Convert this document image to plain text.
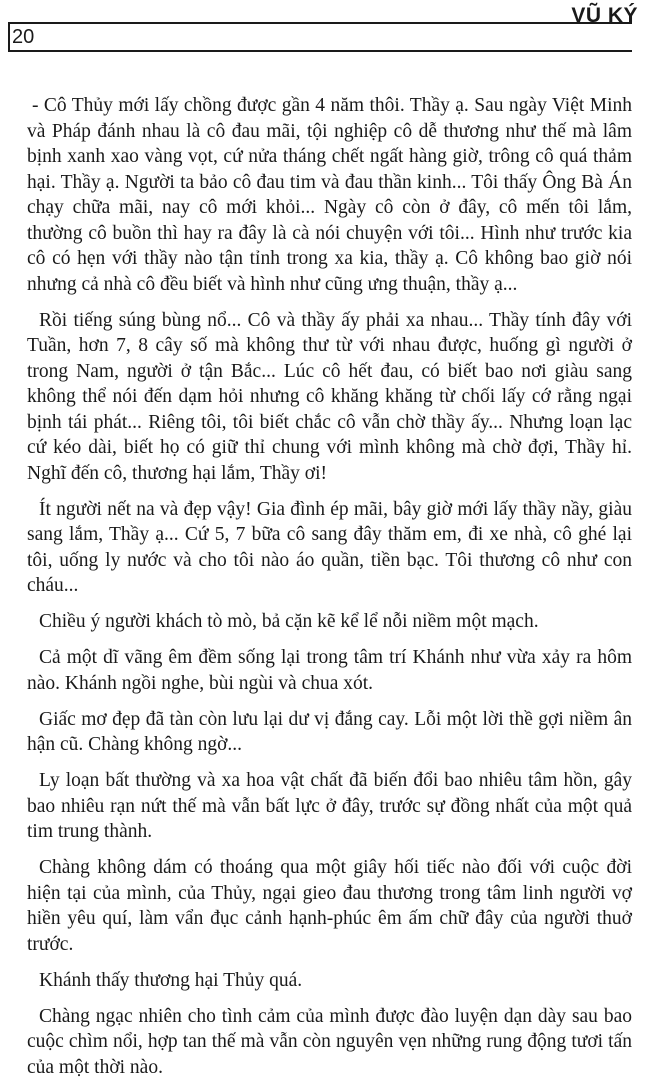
20
VŨ KÝ

- Cô Thủy mới lấy chồng được gần 4 năm thôi. Thầy ạ. Sau ngày Việt Minh và Pháp đánh nhau là cô đau mãi, tội nghiệp cô dễ thương như thế mà lâm bịnh xanh xao vàng vọt, cứ nửa tháng chết ngất hàng giờ, trông cô quá thảm hại. Thầy ạ. Người ta bảo cô đau tim và đau thần kinh... Tôi thấy Ông Bà Án chạy chữa mãi, nay cô mới khỏi... Ngày cô còn ở đây, cô mến tôi lắm, thường cô buồn thì hay ra đây là cà nói chuyện với tôi... Hình như trước kia cô có hẹn với thầy nào tận tỉnh trong xa kia, thầy ạ. Cô không bao giờ nói nhưng cả nhà cô đều biết và hình như cũng ưng thuận, thầy ạ...

Rồi tiếng súng bùng nổ... Cô và thầy ấy phải xa nhau... Thầy tính đây với Tuần, hơn 7, 8 cây số mà không thư từ với nhau được, huống gì người ở trong Nam, người ở tận Bắc... Lúc cô hết đau, có biết bao nơi giàu sang không thể nói đến dạm hỏi nhưng cô khăng khăng từ chối lấy cớ rằng ngại bịnh tái phát... Riêng tôi, tôi biết chắc cô vẫn chờ thầy ấy... Nhưng loạn lạc cứ kéo dài, biết họ có giữ thỉ chung với mình không mà chờ đợi, Thầy hỉ. Nghĩ đến cô, thương hại lắm, Thầy ơi!

Ít người nết na và đẹp vậy! Gia đình ép mãi, bây giờ mới lấy thầy nầy, giàu sang lắm, Thầy ạ... Cứ 5, 7 bữa cô sang đây thăm em, đi xe nhà, cô ghé lại tôi, uống ly nước và cho tôi nào áo quần, tiền bạc. Tôi thương cô như con cháu...

Chiều ý người khách tò mò, bả cặn kẽ kể lể nỗi niềm một mạch.

Cả một dĩ vãng êm đềm sống lại trong tâm trí Khánh như vừa xảy ra hôm nào. Khánh ngồi nghe, bùi ngùi và chua xót.

Giấc mơ đẹp đã tàn còn lưu lại dư vị đắng cay. Lỗi một lời thề gợi niềm ân hận cũ. Chàng không ngờ...

Ly loạn bất thường và xa hoa vật chất đã biến đổi bao nhiêu tâm hồn, gây bao nhiêu rạn nứt thế mà vẫn bất lực ở đây, trước sự đồng nhất của một quả tim trung thành.

Chàng không dám có thoáng qua một giây hối tiếc nào đối với cuộc đời hiện tại của mình, của Thủy, ngại gieo đau thương trong tâm linh người vợ hiền yêu quí, làm vẩn đục cảnh hạnh-phúc êm ấm chữ đây của người thuở trước.

Khánh thấy thương hại Thủy quá.

Chàng ngạc nhiên cho tình cảm của mình được đào luyện dạn dày sau bao cuộc chìm nổi, hợp tan thế mà vẫn còn nguyên vẹn những rung động tươi tấn của một thời nào.
